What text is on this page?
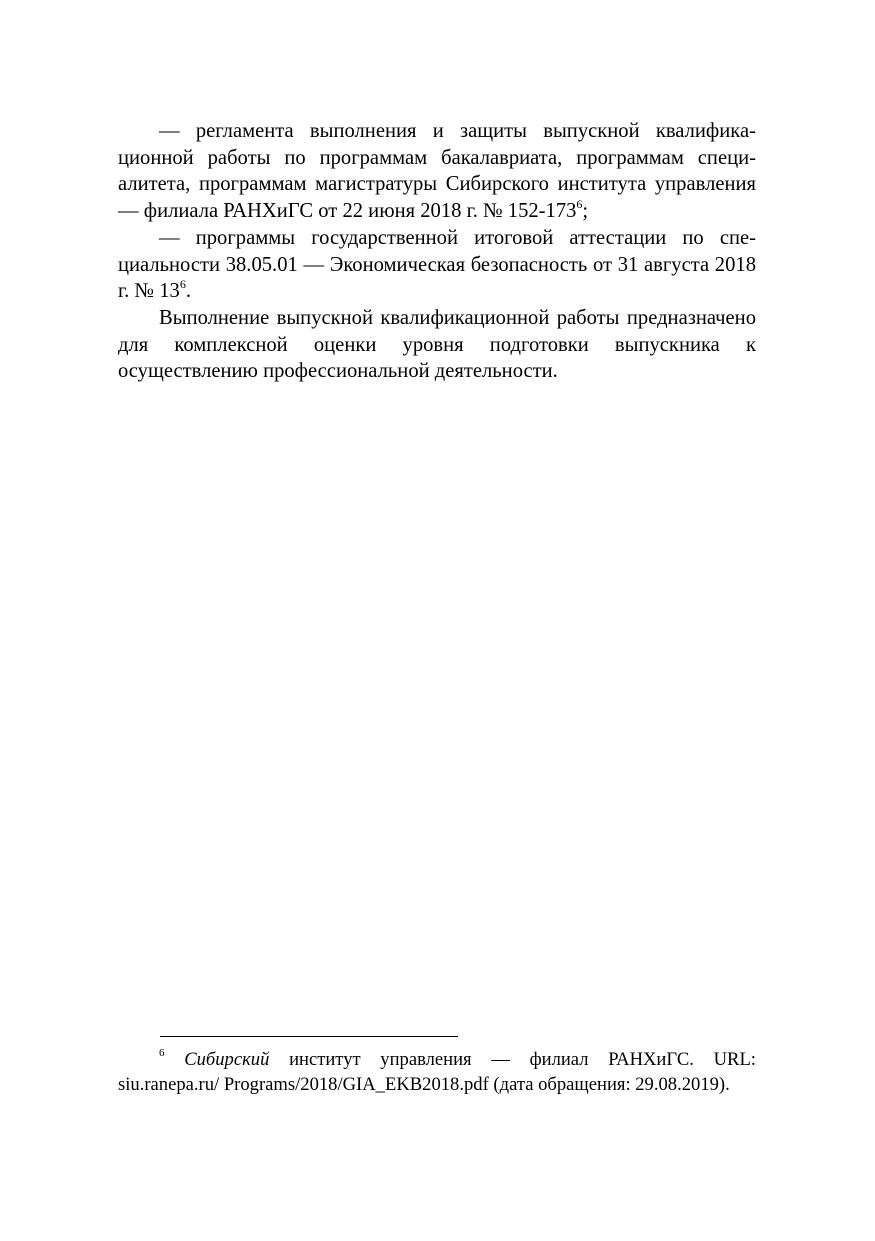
— регламента выполнения и защиты выпускной квалификационной работы по программам бакалавриата, программам специалитета, программам магистратуры Сибирского института управления — филиала РАНХиГС от 22 июня 2018 г. № $152-173^6$;

— программы государственной итоговой аттестации по специальности 38.05.01 — Экономическая безопасность от 31 августа 2018 г. № $13^6$.

Выполнение выпускной квалификационной работы предназначено для комплексной оценки уровня подготовки выпускника к осуществлению профессиональной деятельности.

$^6$ Сибирский институт управления — филиал РАНХиГС. URL: siu.ranepa.ru/ Programs/2018/GIA_EKB2018.pdf (дата обращения: 29.08.2019).
